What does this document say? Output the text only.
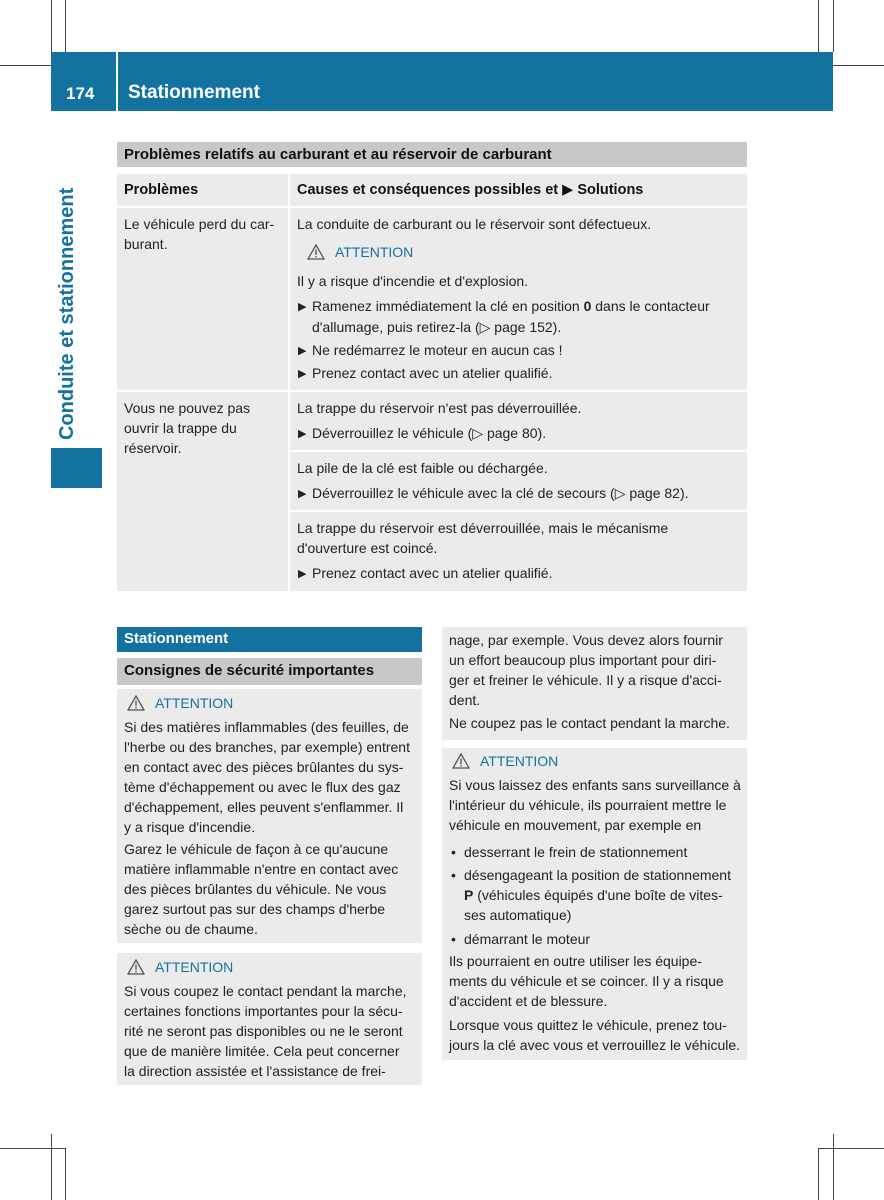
174 Stationnement
Conduite et stationnement
Problèmes relatifs au carburant et au réservoir de carburant
Problèmes	Causes et conséquences possibles et ▶ Solutions
Le véhicule perd du car-
burant.
La conduite de carburant ou le réservoir sont défectueux.
ATTENTION
Il y a risque d'incendie et d'explosion.
▶ Ramenez immédiatement la clé en position 0 dans le contacteur
d'allumage, puis retirez-la (▷ page 152).
▶ Ne redémarrez le moteur en aucun cas !
▶ Prenez contact avec un atelier qualifié.
Vous ne pouvez pas
ouvrir la trappe du
réservoir.
La trappe du réservoir n'est pas déverrouillée.
▶ Déverrouillez le véhicule (▷ page 80).
La pile de la clé est faible ou déchargée.
▶ Déverrouillez le véhicule avec la clé de secours (▷ page 82).
La trappe du réservoir est déverrouillée, mais le mécanisme
d'ouverture est coincé.
▶ Prenez contact avec un atelier qualifié.
Stationnement
Consignes de sécurité importantes
ATTENTION
Si des matières inflammables (des feuilles, de
l'herbe ou des branches, par exemple) entrent
en contact avec des pièces brûlantes du sys-
tème d'échappement ou avec le flux des gaz
d'échappement, elles peuvent s'enflammer. Il
y a risque d'incendie.
Garez le véhicule de façon à ce qu'aucune
matière inflammable n'entre en contact avec
des pièces brûlantes du véhicule. Ne vous
garez surtout pas sur des champs d'herbe
sèche ou de chaume.
ATTENTION
Si vous coupez le contact pendant la marche,
certaines fonctions importantes pour la sécu-
rité ne seront pas disponibles ou ne le seront
que de manière limitée. Cela peut concerner
la direction assistée et l'assistance de frei-
nage, par exemple. Vous devez alors fournir
un effort beaucoup plus important pour diri-
ger et freiner le véhicule. Il y a risque d'acci-
dent.
Ne coupez pas le contact pendant la marche.
ATTENTION
Si vous laissez des enfants sans surveillance à
l'intérieur du véhicule, ils pourraient mettre le
véhicule en mouvement, par exemple en
• desserrant le frein de stationnement
• désengageant la position de stationnement
P (véhicules équipés d'une boîte de vites-
ses automatique)
• démarrant le moteur
Ils pourraient en outre utiliser les équipe-
ments du véhicule et se coincer. Il y a risque
d'accident et de blessure.
Lorsque vous quittez le véhicule, prenez tou-
jours la clé avec vous et verrouillez le véhicule.
